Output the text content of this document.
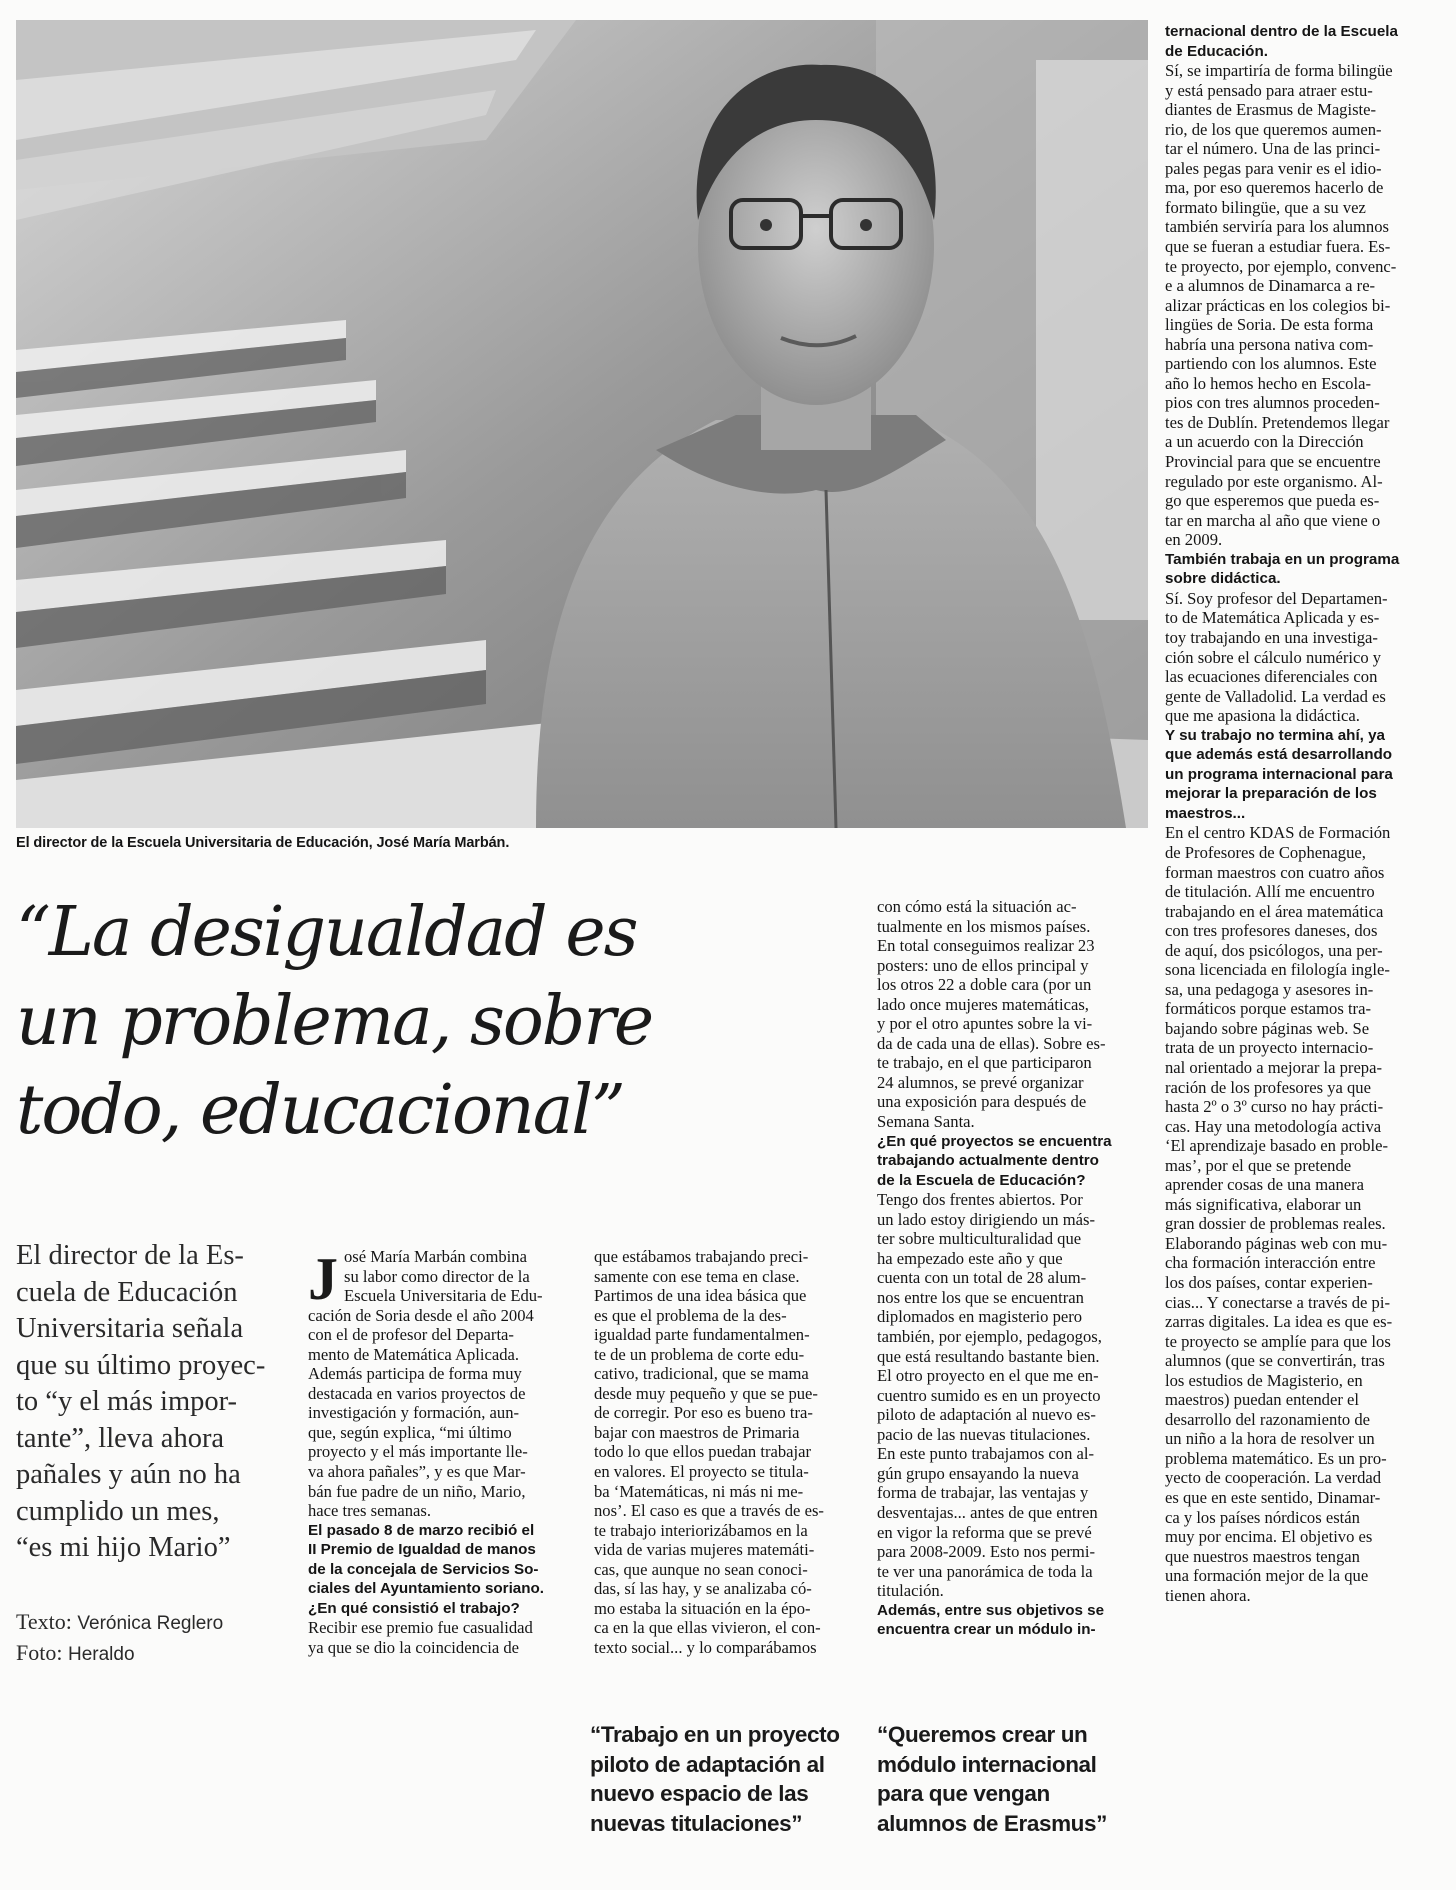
El director de la Escuela Universitaria de Educación, José María Marbán.
“La desigualdad es
un problema, sobre
todo, educacional”
El director de la Es-
cuela de Educación
Universitaria señala
que su último proyec-
to “y el más impor-
tante”, lleva ahora
pañales y aún no ha
cumplido un mes,
“es mi hijo Mario”
Texto: Verónica Reglero
Foto: Heraldo
J osé María Marbán combina
su labor como director de la
Escuela Universitaria de Edu-
cación de Soria desde el año 2004
con el de profesor del Departa-
mento de Matemática Aplicada.
Además participa de forma muy
destacada en varios proyectos de
investigación y formación, aun-
que, según explica, “mi último
proyecto y el más importante lle-
va ahora pañales”, y es que Mar-
bán fue padre de un niño, Mario,
hace tres semanas.
El pasado 8 de marzo recibió el
II Premio de Igualdad de manos
de la concejala de Servicios So-
ciales del Ayuntamiento soriano.
¿En qué consistió el trabajo?
Recibir ese premio fue casualidad
ya que se dio la coincidencia de
que estábamos trabajando preci-
samente con ese tema en clase.
Partimos de una idea básica que
es que el problema de la des-
igualdad parte fundamentalmen-
te de un problema de corte edu-
cativo, tradicional, que se mama
desde muy pequeño y que se pue-
de corregir. Por eso es bueno tra-
bajar con maestros de Primaria
todo lo que ellos puedan trabajar
en valores. El proyecto se titula-
ba ‘Matemáticas, ni más ni me-
nos’. El caso es que a través de es-
te trabajo interiorizábamos en la
vida de varias mujeres matemáti-
cas, que aunque no sean conoci-
das, sí las hay, y se analizaba có-
mo estaba la situación en la épo-
ca en la que ellas vivieron, el con-
texto social... y lo comparábamos
con cómo está la situación ac-
tualmente en los mismos países.
En total conseguimos realizar 23
posters: uno de ellos principal y
los otros 22 a doble cara (por un
lado once mujeres matemáticas,
y por el otro apuntes sobre la vi-
da de cada una de ellas). Sobre es-
te trabajo, en el que participaron
24 alumnos, se prevé organizar
una exposición para después de
Semana Santa.
¿En qué proyectos se encuentra
trabajando actualmente dentro
de la Escuela de Educación?
Tengo dos frentes abiertos. Por
un lado estoy dirigiendo un más-
ter sobre multiculturalidad que
ha empezado este año y que
cuenta con un total de 28 alum-
nos entre los que se encuentran
diplomados en magisterio pero
también, por ejemplo, pedagogos,
que está resultando bastante bien.
El otro proyecto en el que me en-
cuentro sumido es en un proyecto
piloto de adaptación al nuevo es-
pacio de las nuevas titulaciones.
En este punto trabajamos con al-
gún grupo ensayando la nueva
forma de trabajar, las ventajas y
desventajas... antes de que entren
en vigor la reforma que se prevé
para 2008-2009. Esto nos permi-
te ver una panorámica de toda la
titulación.
Además, entre sus objetivos se
encuentra crear un módulo in-
ternacional dentro de la Escuela
de Educación.
Sí, se impartiría de forma bilingüe
y está pensado para atraer estu-
diantes de Erasmus de Magiste-
rio, de los que queremos aumen-
tar el número. Una de las princi-
pales pegas para venir es el idio-
ma, por eso queremos hacerlo de
formato bilingüe, que a su vez
también serviría para los alumnos
que se fueran a estudiar fuera. Es-
te proyecto, por ejemplo, convenc-
e a alumnos de Dinamarca a re-
alizar prácticas en los colegios bi-
lingües de Soria. De esta forma
habría una persona nativa com-
partiendo con los alumnos. Este
año lo hemos hecho en Escola-
pios con tres alumnos proceden-
tes de Dublín. Pretendemos llegar
a un acuerdo con la Dirección
Provincial para que se encuentre
regulado por este organismo. Al-
go que esperemos que pueda es-
tar en marcha al año que viene o
en 2009.
También trabaja en un programa
sobre didáctica.
Sí. Soy profesor del Departamen-
to de Matemática Aplicada y es-
toy trabajando en una investiga-
ción sobre el cálculo numérico y
las ecuaciones diferenciales con
gente de Valladolid. La verdad es
que me apasiona la didáctica.
Y su trabajo no termina ahí, ya
que además está desarrollando
un programa internacional para
mejorar la preparación de los
maestros...
En el centro KDAS de Formación
de Profesores de Cophenague,
forman maestros con cuatro años
de titulación. Allí me encuentro
trabajando en el área matemática
con tres profesores daneses, dos
de aquí, dos psicólogos, una per-
sona licenciada en filología ingle-
sa, una pedagoga y asesores in-
formáticos porque estamos tra-
bajando sobre páginas web. Se
trata de un proyecto internacio-
nal orientado a mejorar la prepa-
ración de los profesores ya que
hasta 2º o 3º curso no hay prácti-
cas. Hay una metodología activa
‘El aprendizaje basado en proble-
mas’, por el que se pretende
aprender cosas de una manera
más significativa, elaborar un
gran dossier de problemas reales.
Elaborando páginas web con mu-
cha formación interacción entre
los dos países, contar experien-
cias... Y conectarse a través de pi-
zarras digitales. La idea es que es-
te proyecto se amplíe para que los
alumnos (que se convertirán, tras
los estudios de Magisterio, en
maestros) puedan entender el
desarrollo del razonamiento de
un niño a la hora de resolver un
problema matemático. Es un pro-
yecto de cooperación. La verdad
es que en este sentido, Dinamar-
ca y los países nórdicos están
muy por encima. El objetivo es
que nuestros maestros tengan
una formación mejor de la que
tienen ahora.
“Trabajo en un proyecto
piloto de adaptación al
nuevo espacio de las
nuevas titulaciones”
“Queremos crear un
módulo internacional
para que vengan
alumnos de Erasmus”
